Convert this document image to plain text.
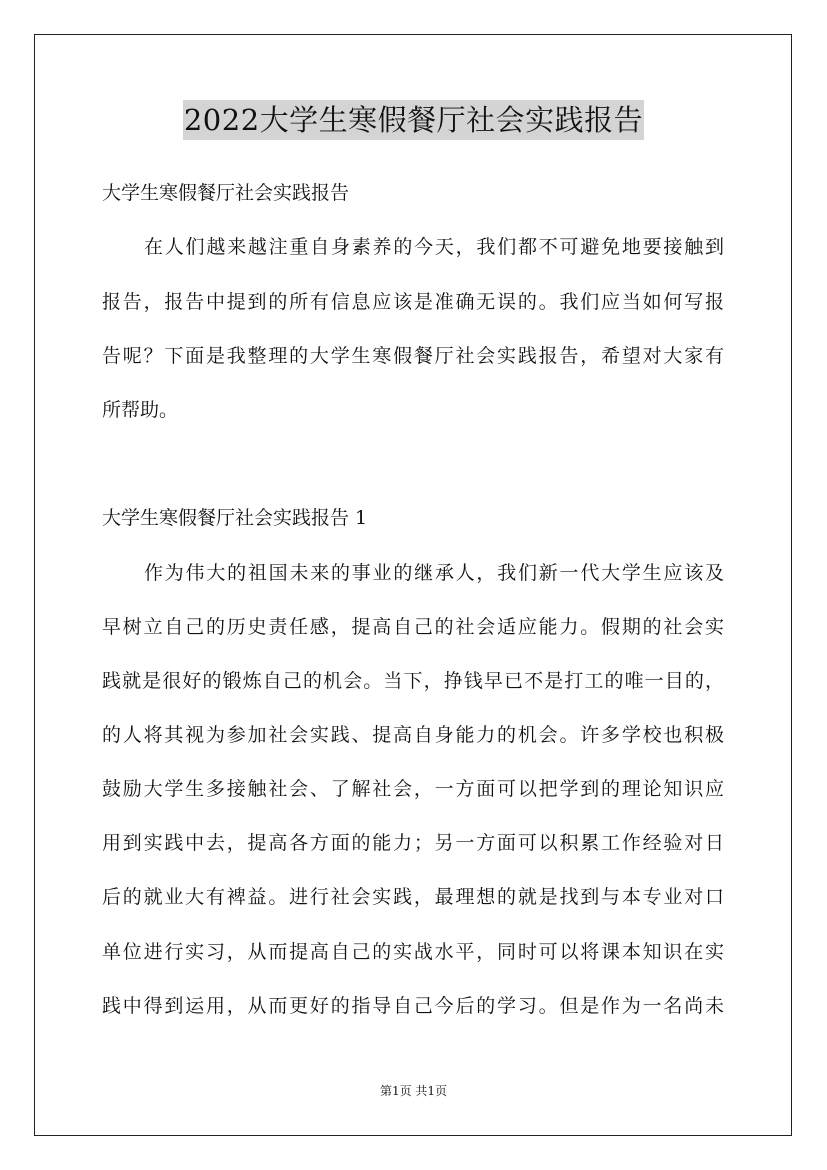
2022大学生寒假餐厅社会实践报告
大学生寒假餐厅社会实践报告
在人们越来越注重自身素养的今天，我们都不可避免地要接触到
报告，报告中提到的所有信息应该是准确无误的。我们应当如何写报
告呢？下面是我整理的大学生寒假餐厅社会实践报告，希望对大家有
所帮助。
大学生寒假餐厅社会实践报告 1
作为伟大的祖国未来的事业的继承人，我们新一代大学生应该及
早树立自己的历史责任感，提高自己的社会适应能力。假期的社会实
践就是很好的锻炼自己的机会。当下，挣钱早已不是打工的唯一目的，
的人将其视为参加社会实践、提高自身能力的机会。许多学校也积极
鼓励大学生多接触社会、了解社会，一方面可以把学到的理论知识应
用到实践中去，提高各方面的能力；另一方面可以积累工作经验对日
后的就业大有裨益。进行社会实践，最理想的就是找到与本专业对口
单位进行实习，从而提高自己的实战水平，同时可以将课本知识在实
践中得到运用，从而更好的指导自己今后的学习。但是作为一名尚未
第1页 共1页
